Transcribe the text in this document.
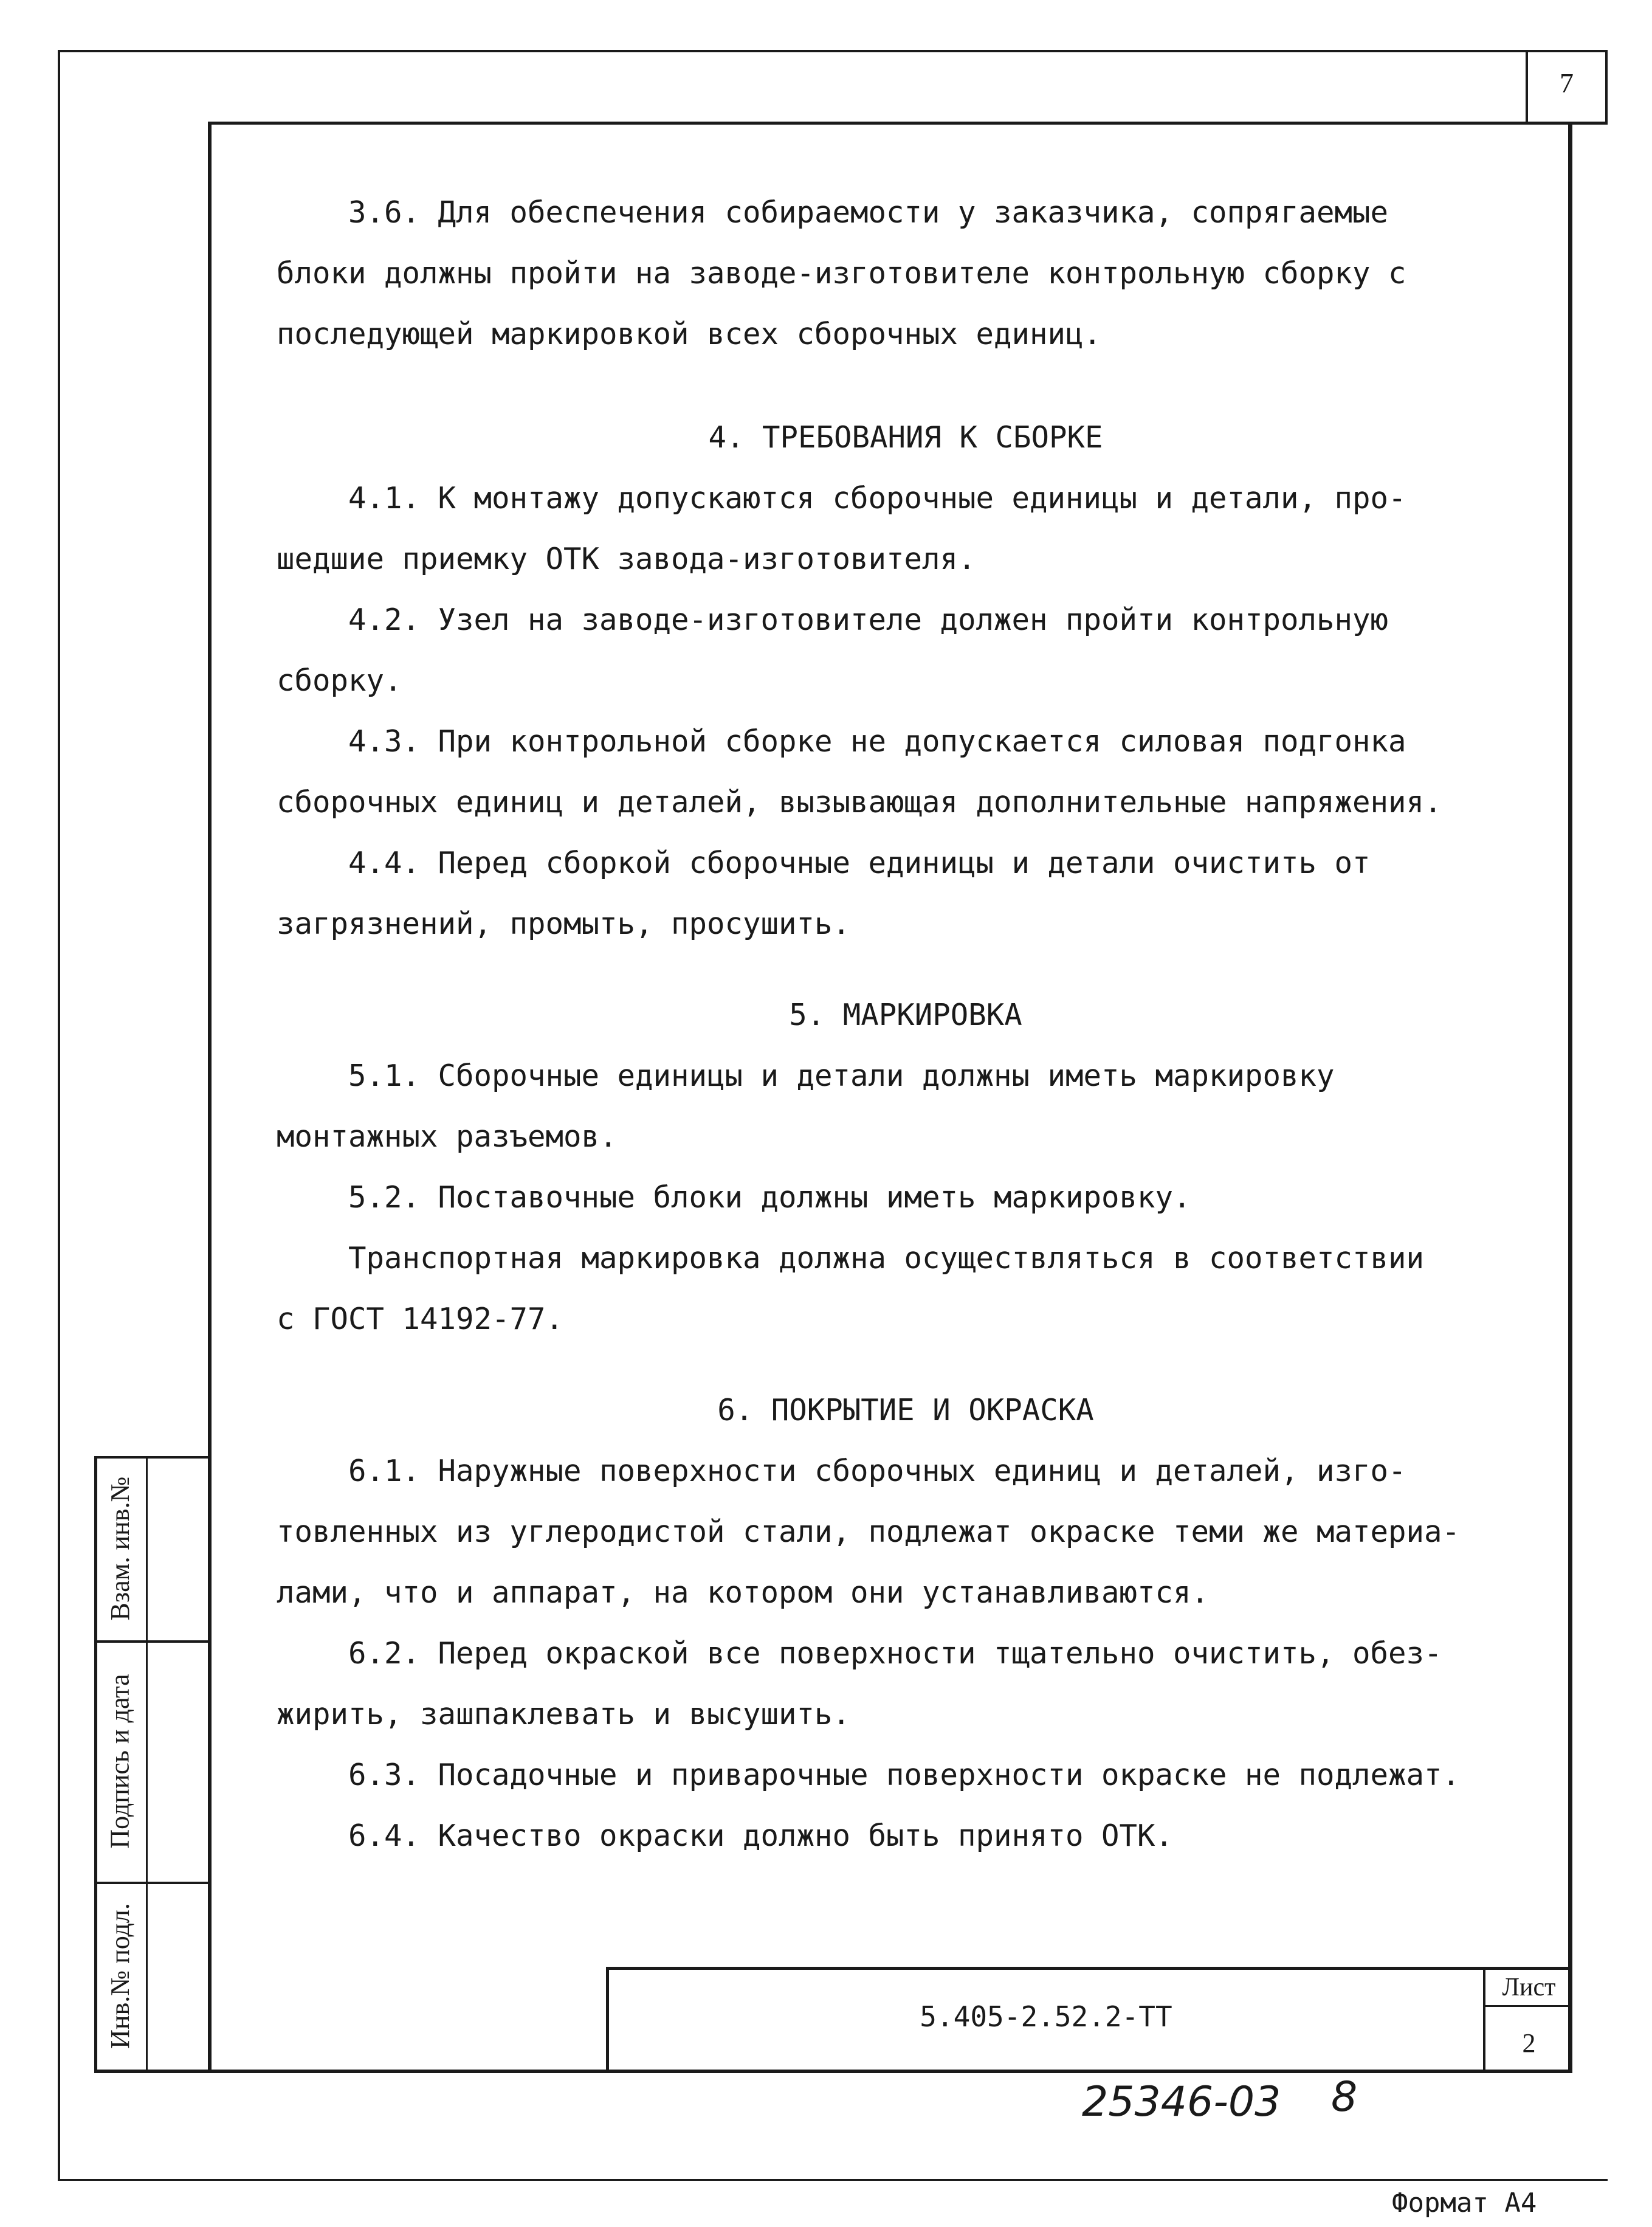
7
3.6. Для обеспечения собираемости у заказчика, сопрягаемые
блоки должны пройти на заводе-изготовителе контрольную сборку с
последующей маркировкой всех сборочных единиц.
4. ТРЕБОВАНИЯ К СБОРКЕ
4.1. К монтажу допускаются сборочные единицы и детали, про-
шедшие приемку ОТК завода-изготовителя.
4.2. Узел на заводе-изготовителе должен пройти контрольную
сборку.
4.3. При контрольной сборке не допускается силовая подгонка
сборочных единиц и деталей, вызывающая дополнительные напряжения.
4.4. Перед сборкой сборочные единицы и детали очистить от
загрязнений, промыть, просушить.
5. МАРКИРОВКА
5.1. Сборочные единицы и детали должны иметь маркировку
монтажных разъемов.
5.2. Поставочные блоки должны иметь маркировку.
Транспортная маркировка должна осуществляться в соответствии
с ГОСТ 14192-77.
6. ПОКРЫТИЕ И ОКРАСКА
6.1. Наружные поверхности сборочных единиц и деталей, изго-
товленных из углеродистой стали, подлежат окраске теми же материа-
лами, что и аппарат, на котором они устанавливаются.
6.2. Перед окраской все поверхности тщательно очистить, обез-
жирить, зашпаклевать и высушить.
6.3. Посадочные и приварочные поверхности окраске не подлежат.
6.4. Качество окраски должно быть принято ОТК.
Взам. инв.№
Подпись и дата
Инв.№ подл.	5.405-2.52.2-ТТ
Лист
2
25346-03 8
Формат А4
